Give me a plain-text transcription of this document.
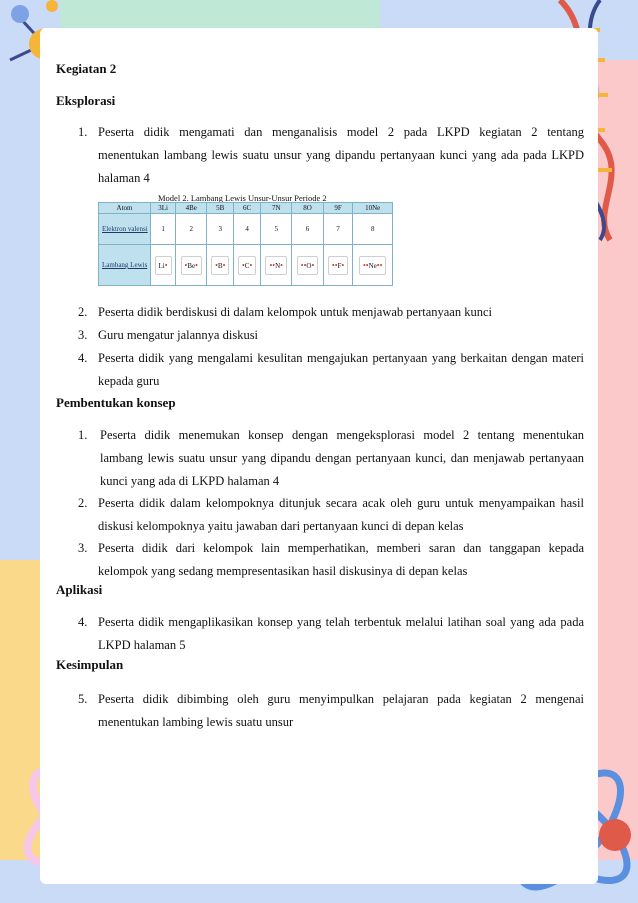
Kegiatan 2
Eksplorasi
1. Peserta didik mengamati dan menganalisis model 2 pada LKPD kegiatan 2 tentang
menentukan lambang lewis suatu unsur yang dipandu pertanyaan kunci yang ada pada LKPD
halaman 4
Model 2. Lambang Lewis Unsur-Unsur Periode 2
Atom	3Li	4Be	5B	6C	7N	8O	9F	10Ne
Elektron valensi	1	2	3	4	5	6	7	8
Lambang Lewis	Li•	•Be•	•B•	•C•	••N•	••O•	••F•	••Ne••
2. Peserta didik berdiskusi di dalam kelompok untuk menjawab pertanyaan kunci
3. Guru mengatur jalannya diskusi
4. Peserta didik yang mengalami kesulitan mengajukan pertanyaan yang berkaitan dengan materi
kepada guru
Pembentukan konsep
1. Peserta didik menemukan konsep dengan mengeksplorasi model 2 tentang menentukan
lambang lewis suatu unsur yang dipandu dengan pertanyaan kunci, dan menjawab pertanyaan
kunci yang ada di LKPD halaman 4
2. Peserta didik dalam kelompoknya ditunjuk secara acak oleh guru untuk menyampaikan hasil
diskusi kelompoknya yaitu jawaban dari pertanyaan kunci di depan kelas
3. Peserta didik dari kelompok lain memperhatikan, memberi saran dan tanggapan kepada
kelompok yang sedang mempresentasikan hasil diskusinya di depan kelas
Aplikasi
4. Peserta didik mengaplikasikan konsep yang telah terbentuk melalui latihan soal yang ada pada
LKPD halaman 5
Kesimpulan
5. Peserta didik dibimbing oleh guru menyimpulkan pelajaran pada kegiatan 2 mengenai
menentukan lambing lewis suatu unsur
